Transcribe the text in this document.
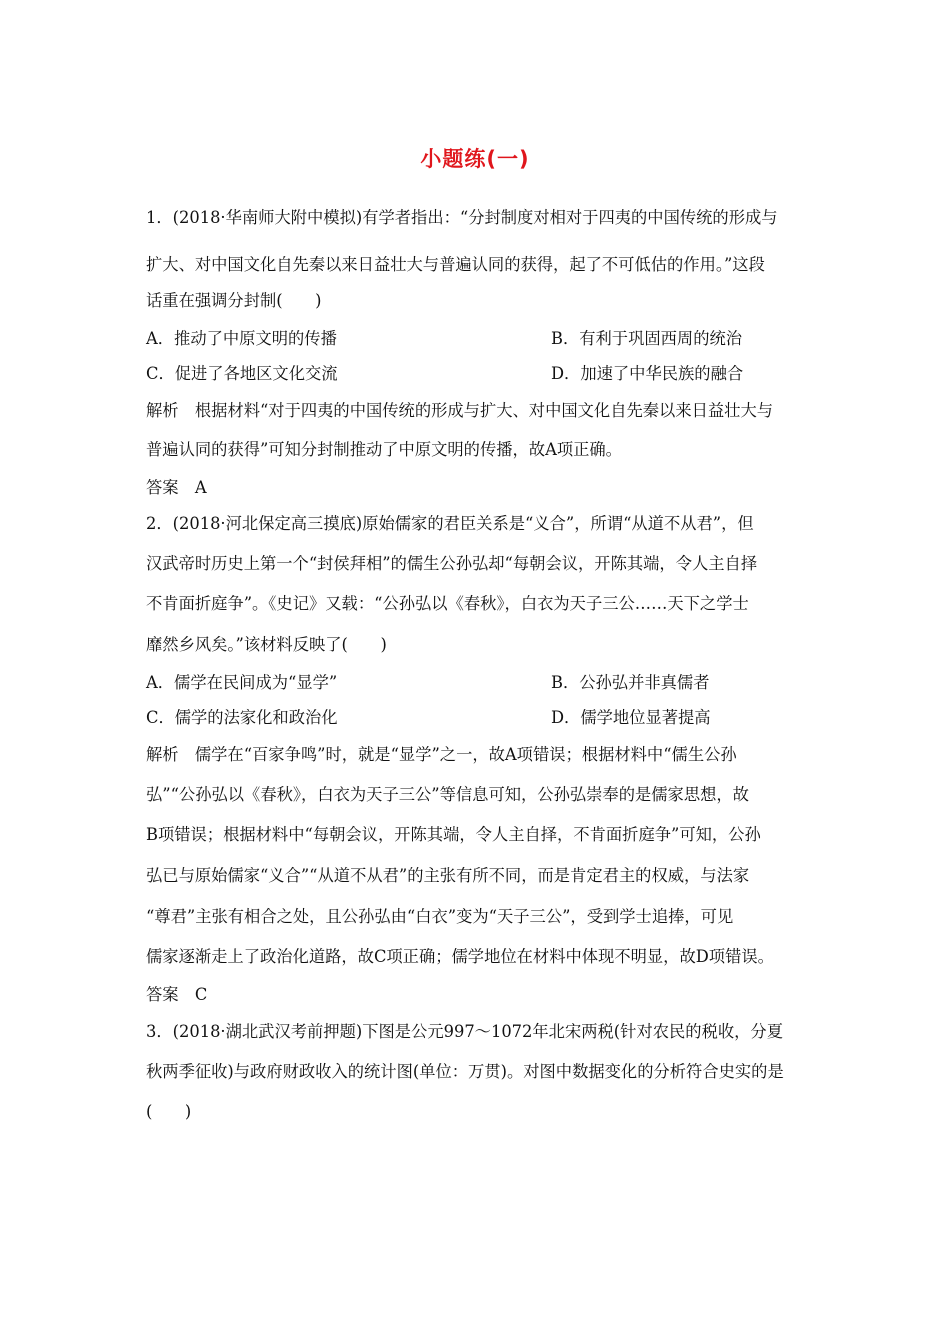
小题练(一)
1．(2018·华南师大附中模拟)有学者指出：“分封制度对相对于四夷的中国传统的形成与
扩大、对中国文化自先秦以来日益壮大与普遍认同的获得，起了不可低估的作用。”这段
话重在强调分封制(　　)
A．推动了中原文明的传播	B．有利于巩固西周的统治
C．促进了各地区文化交流	D．加速了中华民族的融合
解析　根据材料“对于四夷的中国传统的形成与扩大、对中国文化自先秦以来日益壮大与
普遍认同的获得”可知分封制推动了中原文明的传播，故A项正确。
答案　A
2．(2018·河北保定高三摸底)原始儒家的君臣关系是“义合”，所谓“从道不从君”，但
汉武帝时历史上第一个“封侯拜相”的儒生公孙弘却“每朝会议，开陈其端，令人主自择
不肯面折庭争”。《史记》又载：“公孙弘以《春秋》，白衣为天子三公……天下之学士
靡然乡风矣。”该材料反映了(　　)
A．儒学在民间成为“显学”	B．公孙弘并非真儒者
C．儒学的法家化和政治化	D．儒学地位显著提高
解析　儒学在“百家争鸣”时，就是“显学”之一，故A项错误；根据材料中“儒生公孙
弘”“公孙弘以《春秋》，白衣为天子三公”等信息可知，公孙弘崇奉的是儒家思想，故
B项错误；根据材料中“每朝会议，开陈其端，令人主自择，不肯面折庭争”可知，公孙
弘已与原始儒家“义合”“从道不从君”的主张有所不同，而是肯定君主的权威，与法家
“尊君”主张有相合之处，且公孙弘由“白衣”变为“天子三公”，受到学士追捧，可见
儒家逐渐走上了政治化道路，故C项正确；儒学地位在材料中体现不明显，故D项错误。
答案　C
3．(2018·湖北武汉考前押题)下图是公元997～1072年北宋两税(针对农民的税收，分夏
秋两季征收)与政府财政收入的统计图(单位：万贯)。对图中数据变化的分析符合史实的是
(　　)
